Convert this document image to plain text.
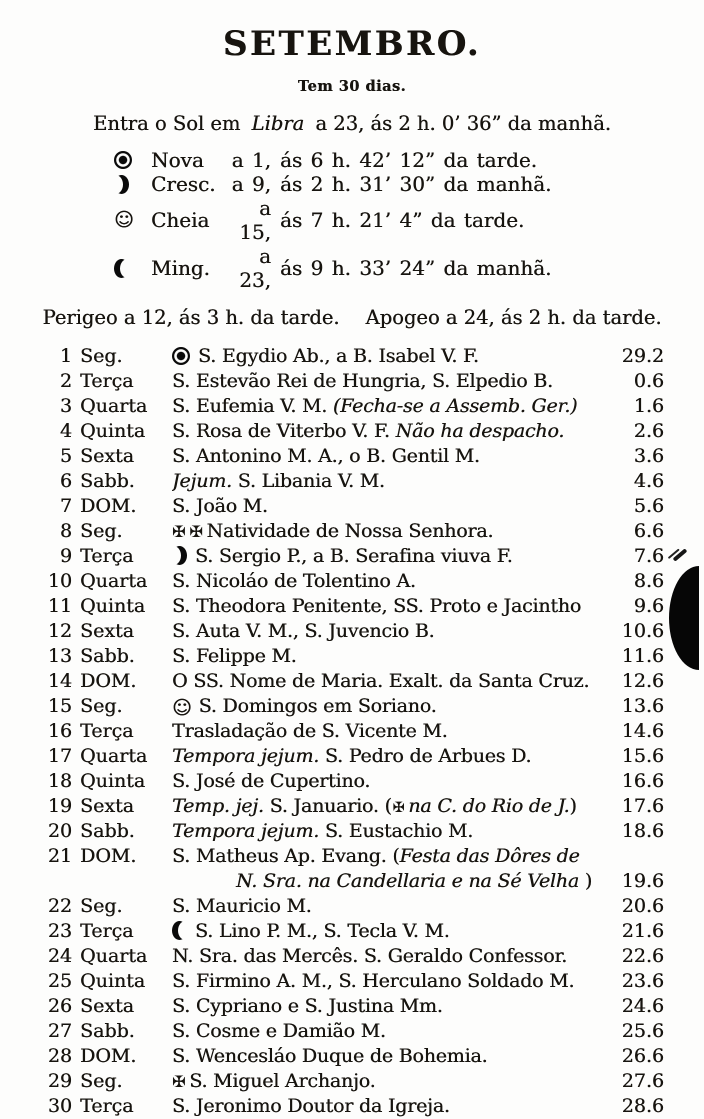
SETEMBRO.
Tem 30 dias.
Entra o Sol em Libra a 23, ás 2 h. 0’ 36” da manhã.
Nova	a 1, ás 6 h. 42’ 12” da tarde.
Cresc. a 9, ás 2 h. 31’ 30” da manhã.
☺ Cheia	a 15, ás 7 h. 21’ 4” da tarde.
Ming.	a 23, ás 9 h. 33’ 24” da manhã.
Perigeo a 12, ás 3 h. da tarde. Apogeo a 24, ás 2 h. da tarde.
1 Seg.	S. Egydio Ab., a B. Isabel V. F.	29.2
2 Terça	S. Estevão Rei de Hungria, S. Elpedio B.	0.6
3 Quarta	S. Eufemia V. M. (Fecha-se a Assemb. Ger.)	1.6
4 Quinta	S. Rosa de Viterbo V. F. Não ha despacho.	2.6
5 Sexta	S. Antonino M. A., o B. Gentil M.	3.6
6 Sabb.	Jejum. S. Libania V. M.	4.6
7 DOM.	S. João M.	5.6
8 Seg.	✠ ✠ Natividade de Nossa Senhora.	6.6
9 Terça	S. Sergio P., a B. Serafina viuva F.	7.6
10 Quarta	S. Nicoláo de Tolentino A.	8.6
11 Quinta	S. Theodora Penitente, SS. Proto e Jacintho	9.6
12 Sexta	S. Auta V. M., S. Juvencio B.	10.6
13 Sabb.	S. Felippe M.	11.6
14 DOM.	O SS. Nome de Maria. Exalt. da Santa Cruz.	12.6
15 Seg.	☺ S. Domingos em Soriano.	13.6
16 Terça	Trasladação de S. Vicente M.	14.6
17 Quarta	Tempora jejum. S. Pedro de Arbues D.	15.6
18 Quinta	S. José de Cupertino.	16.6
19 Sexta	Temp. jej. S. Januario. (✠ na C. do Rio de J.)	17.6
20 Sabb.	Tempora jejum. S. Eustachio M.	18.6
21 DOM.	S. Matheus Ap. Evang. (Festa das Dôres de
N. Sra. na Candellaria e na Sé Velha )	19.6
22 Seg.	S. Mauricio M.	20.6
23 Terça	S. Lino P. M., S. Tecla V. M.	21.6
24 Quarta	N. Sra. das Mercês. S. Geraldo Confessor.	22.6
25 Quinta	S. Firmino A. M., S. Herculano Soldado M.	23.6
26 Sexta	S. Cypriano e S. Justina Mm.	24.6
27 Sabb.	S. Cosme e Damião M.	25.6
28 DOM.	S. Wencesláo Duque de Bohemia.	26.6
29 Seg.	✠ S. Miguel Archanjo.	27.6
30 Terça	S. Jeronimo Doutor da Igreja.	28.6
